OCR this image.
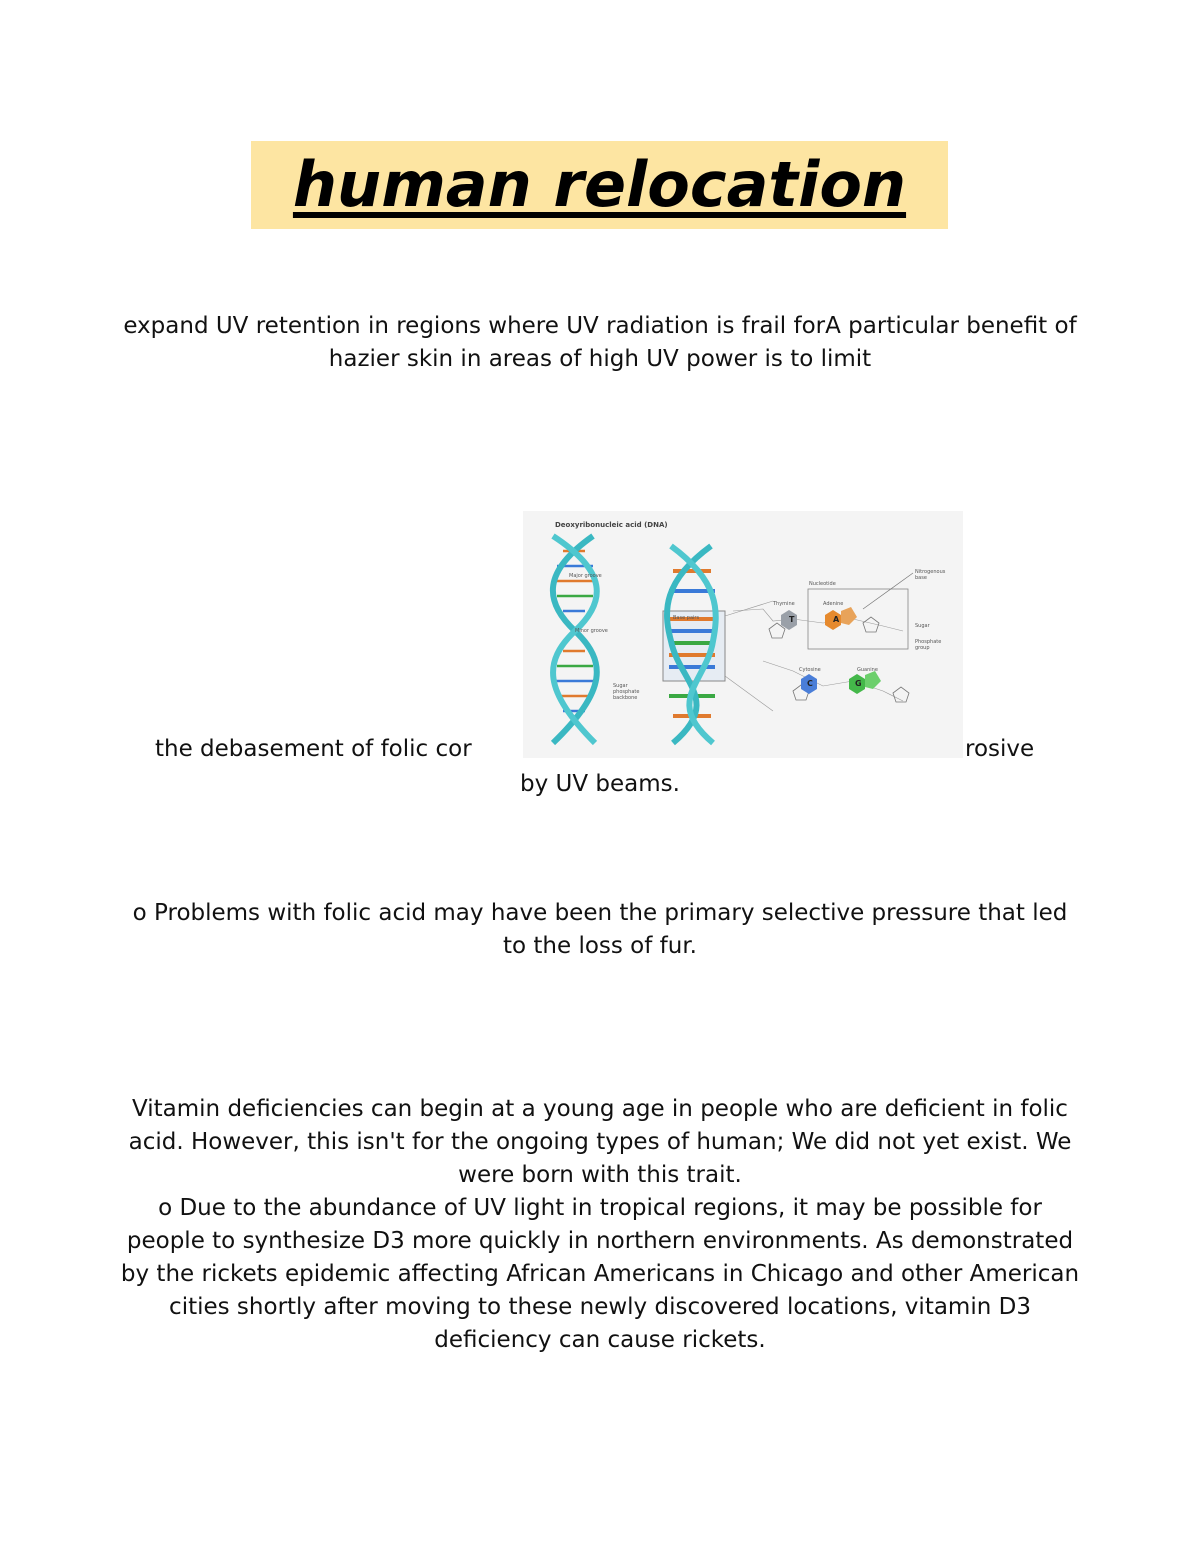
human relocation

expand UV retention in regions where UV radiation is frail forA particular benefit of hazier skin in areas of high UV power is to limit

Deoxyribonucleic acid (DNA)
T	A
C	G
Major groove
Minor groove
Sugar phosphate backbone
Base pairs
Nucleotide
Nitrogenous base
Sugar
Phosphate group
Thymine	Adenine
Cytosine	Guanine
the debasement of folic cor	rosive

by UV beams.

o Problems with folic acid may have been the primary selective pressure that led to the loss of fur.

Vitamin deficiencies can begin at a young age in people who are deficient in folic acid. However, this isn't for the ongoing types of human; We did not yet exist. We were born with this trait.
o Due to the abundance of UV light in tropical regions, it may be possible for people to synthesize D3 more quickly in northern environments. As demonstrated by the rickets epidemic affecting African Americans in Chicago and other American cities shortly after moving to these newly discovered locations, vitamin D3 deficiency can cause rickets.
